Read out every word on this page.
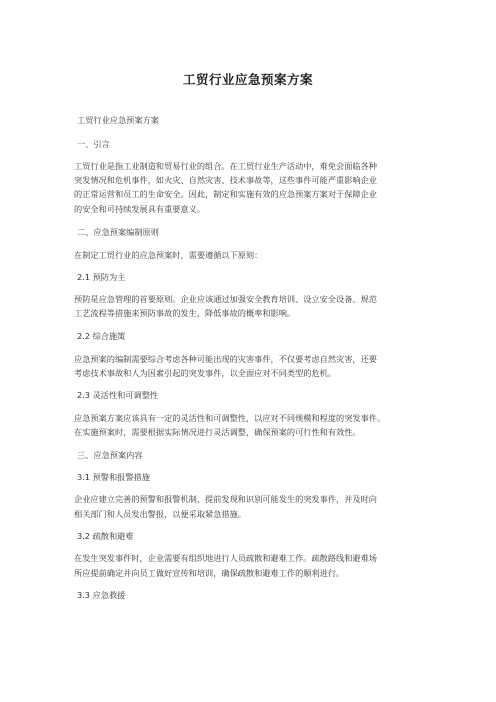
工贸行业应急预案方案
工贸行业应急预案方案
一、引言
工贸行业是指工业制造和贸易行业的组合。在工贸行业生产活动中，难免会面临各种
突发情况和危机事件，如火灾、自然灾害、技术事故等，这些事件可能严重影响企业
的正常运营和员工的生命安全。因此，制定和实施有效的应急预案方案对于保障企业
的安全和可持续发展具有重要意义。
二、应急预案编制原则
在制定工贸行业的应急预案时，需要遵循以下原则：
2.1 预防为主
预防是应急管理的首要原则。企业应该通过加强安全教育培训、设立安全设备、规范
工艺流程等措施来预防事故的发生，降低事故的概率和影响。
2.2 综合施策
应急预案的编制需要综合考虑各种可能出现的灾害事件，不仅要考虑自然灾害，还要
考虑技术事故和人为因素引起的突发事件，以全面应对不同类型的危机。
2.3 灵活性和可调整性
应急预案方案应该具有一定的灵活性和可调整性，以应对不同规模和程度的突发事件。
在实施预案时，需要根据实际情况进行灵活调整，确保预案的可行性和有效性。
三、应急预案内容
3.1 预警和报警措施
企业应建立完善的预警和报警机制，提前发现和识别可能发生的突发事件，并及时向
相关部门和人员发出警报，以便采取紧急措施。
3.2 疏散和避难
在发生突发事件时，企业需要有组织地进行人员疏散和避难工作。疏散路线和避难场
所应提前确定并向员工做好宣传和培训，确保疏散和避难工作的顺利进行。
3.3 应急救援
